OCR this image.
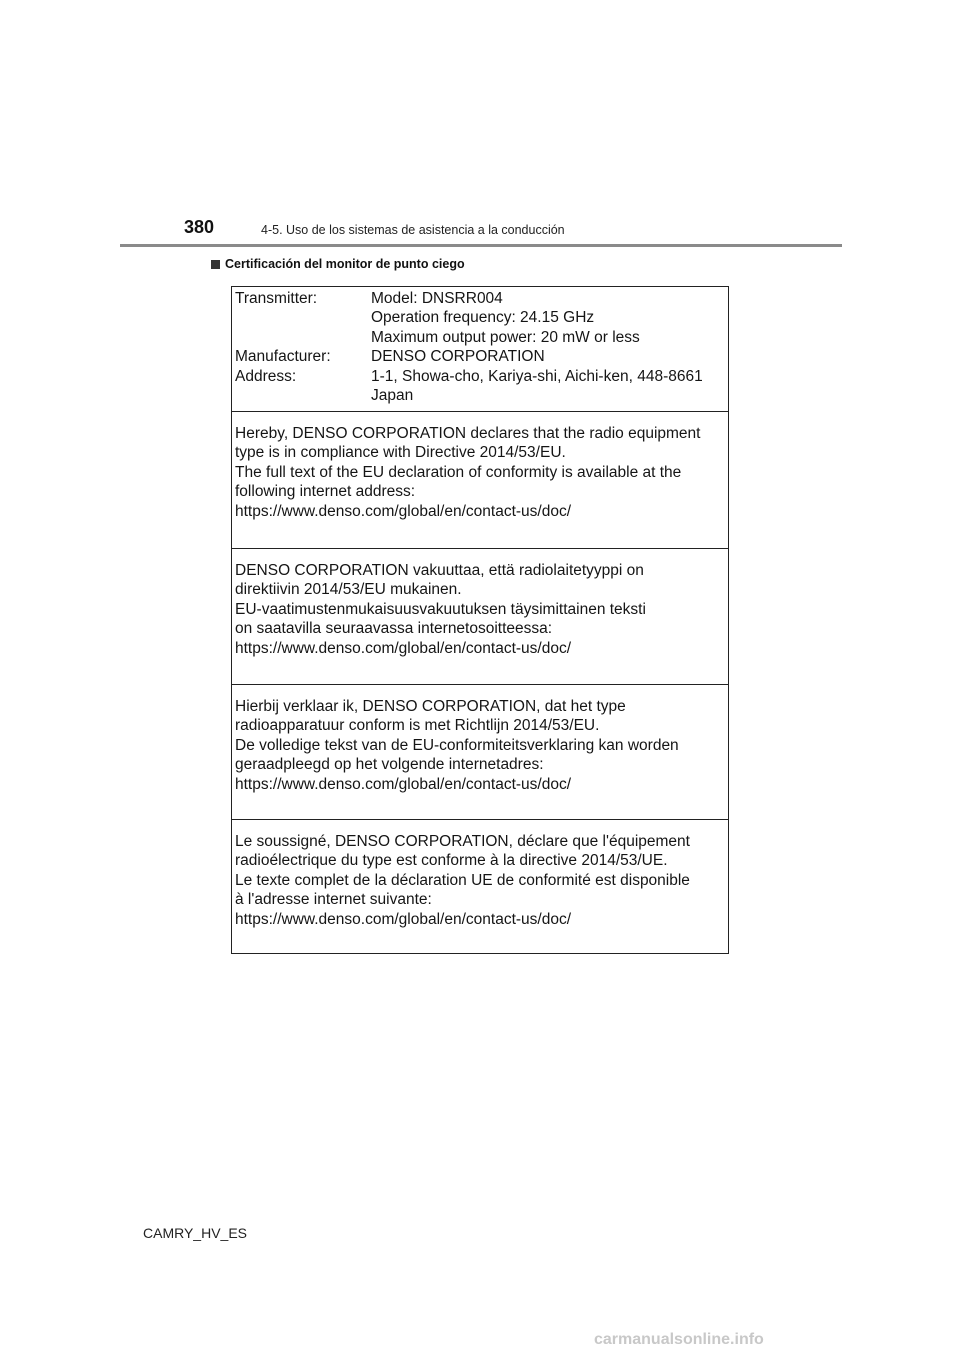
380	4-5. Uso de los sistemas de asistencia a la conducción
Certificación del monitor de punto ciego
Transmitter:	Model: DNSRR004
Operation frequency: 24.15 GHz
Maximum output power: 20 mW or less
Manufacturer:	DENSO CORPORATION
Address:	1-1, Showa-cho, Kariya-shi, Aichi-ken, 448-8661
Japan
Hereby, DENSO CORPORATION declares that the radio equipment
type is in compliance with Directive 2014/53/EU.
The full text of the EU declaration of conformity is available at the
following internet address:
https://www.denso.com/global/en/contact-us/doc/
DENSO CORPORATION vakuuttaa, että radiolaitetyyppi on
direktiivin 2014/53/EU mukainen.
EU-vaatimustenmukaisuusvakuutuksen täysimittainen teksti
on saatavilla seuraavassa internetosoitteessa:
https://www.denso.com/global/en/contact-us/doc/
Hierbij verklaar ik, DENSO CORPORATION, dat het type
radioapparatuur conform is met Richtlijn 2014/53/EU.
De volledige tekst van de EU-conformiteitsverklaring kan worden
geraadpleegd op het volgende internetadres:
https://www.denso.com/global/en/contact-us/doc/
Le soussigné, DENSO CORPORATION, déclare que l'équipement
radioélectrique du type est conforme à la directive 2014/53/UE.
Le texte complet de la déclaration UE de conformité est disponible
à l'adresse internet suivante:
https://www.denso.com/global/en/contact-us/doc/
CAMRY_HV_ES
carmanualsonline.info
